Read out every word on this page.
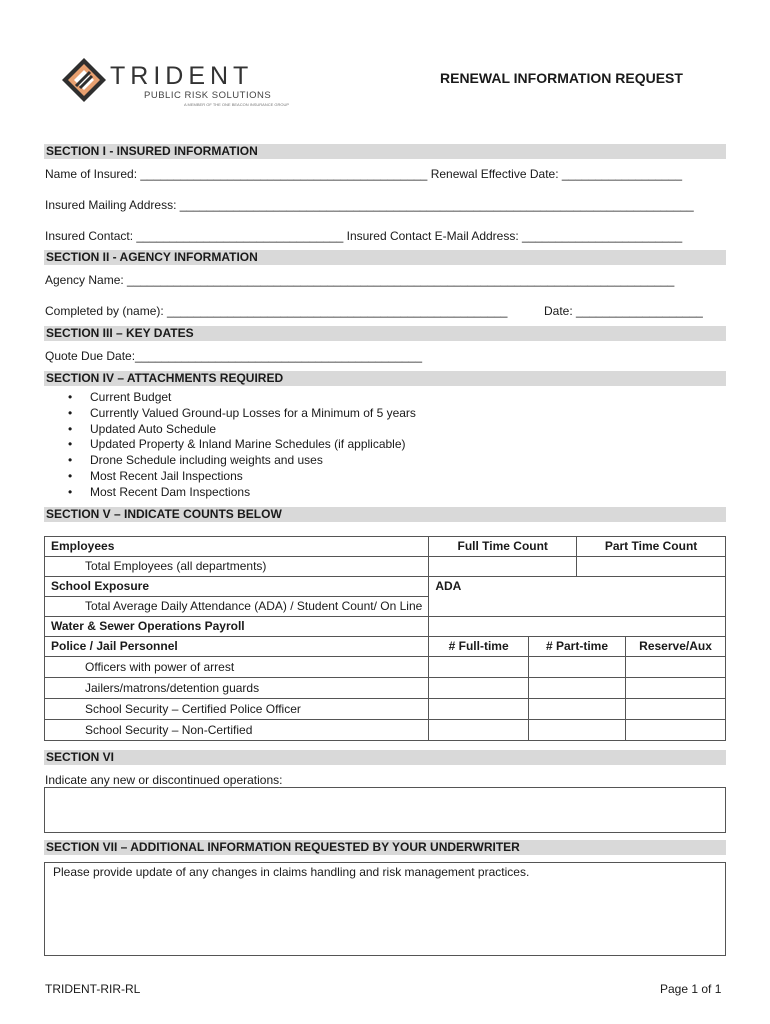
TRIDENT
PUBLIC RISK SOLUTIONS
A MEMBER OF THE ONE BEACON INSURANCE GROUP
RENEWAL INFORMATION REQUEST
SECTION I - INSURED INFORMATION
Name of Insured: ___________________________________________ Renewal Effective Date: __________________
Insured Mailing Address: _____________________________________________________________________________
Insured Contact: _______________________________ Insured Contact E-Mail Address: ________________________
SECTION II - AGENCY INFORMATION
Agency Name: __________________________________________________________________________________
Completed by (name): ___________________________________________________	Date: ___________________
SECTION III – KEY DATES
Quote Due Date:___________________________________________
SECTION IV – ATTACHMENTS REQUIRED
• Current Budget
• Currently Valued Ground-up Losses for a Minimum of 5 years
• Updated Auto Schedule
• Updated Property & Inland Marine Schedules (if applicable)
• Drone Schedule including weights and uses
• Most Recent Jail Inspections
• Most Recent Dam Inspections
SECTION V – INDICATE COUNTS BELOW
Employees	Full Time Count		Part Time Count	
Total Employees (all departments)				
School Exposure	ADA			
Total Average Daily Attendance (ADA) / Student Count/ On Line				
Water & Sewer Operations Payroll				
Police / Jail Personnel	# Full-time	# Part-time		Reserve/Aux
Officers with power of arrest				
Jailers/matrons/detention guards				
School Security – Certified Police Officer				
School Security – Non-Certified				
SECTION VI
Indicate any new or discontinued operations:
SECTION VII – ADDITIONAL INFORMATION REQUESTED BY YOUR UNDERWRITER
Please provide update of any changes in claims handling and risk management practices.
TRIDENT-RIR-RL	Page 1 of 1
